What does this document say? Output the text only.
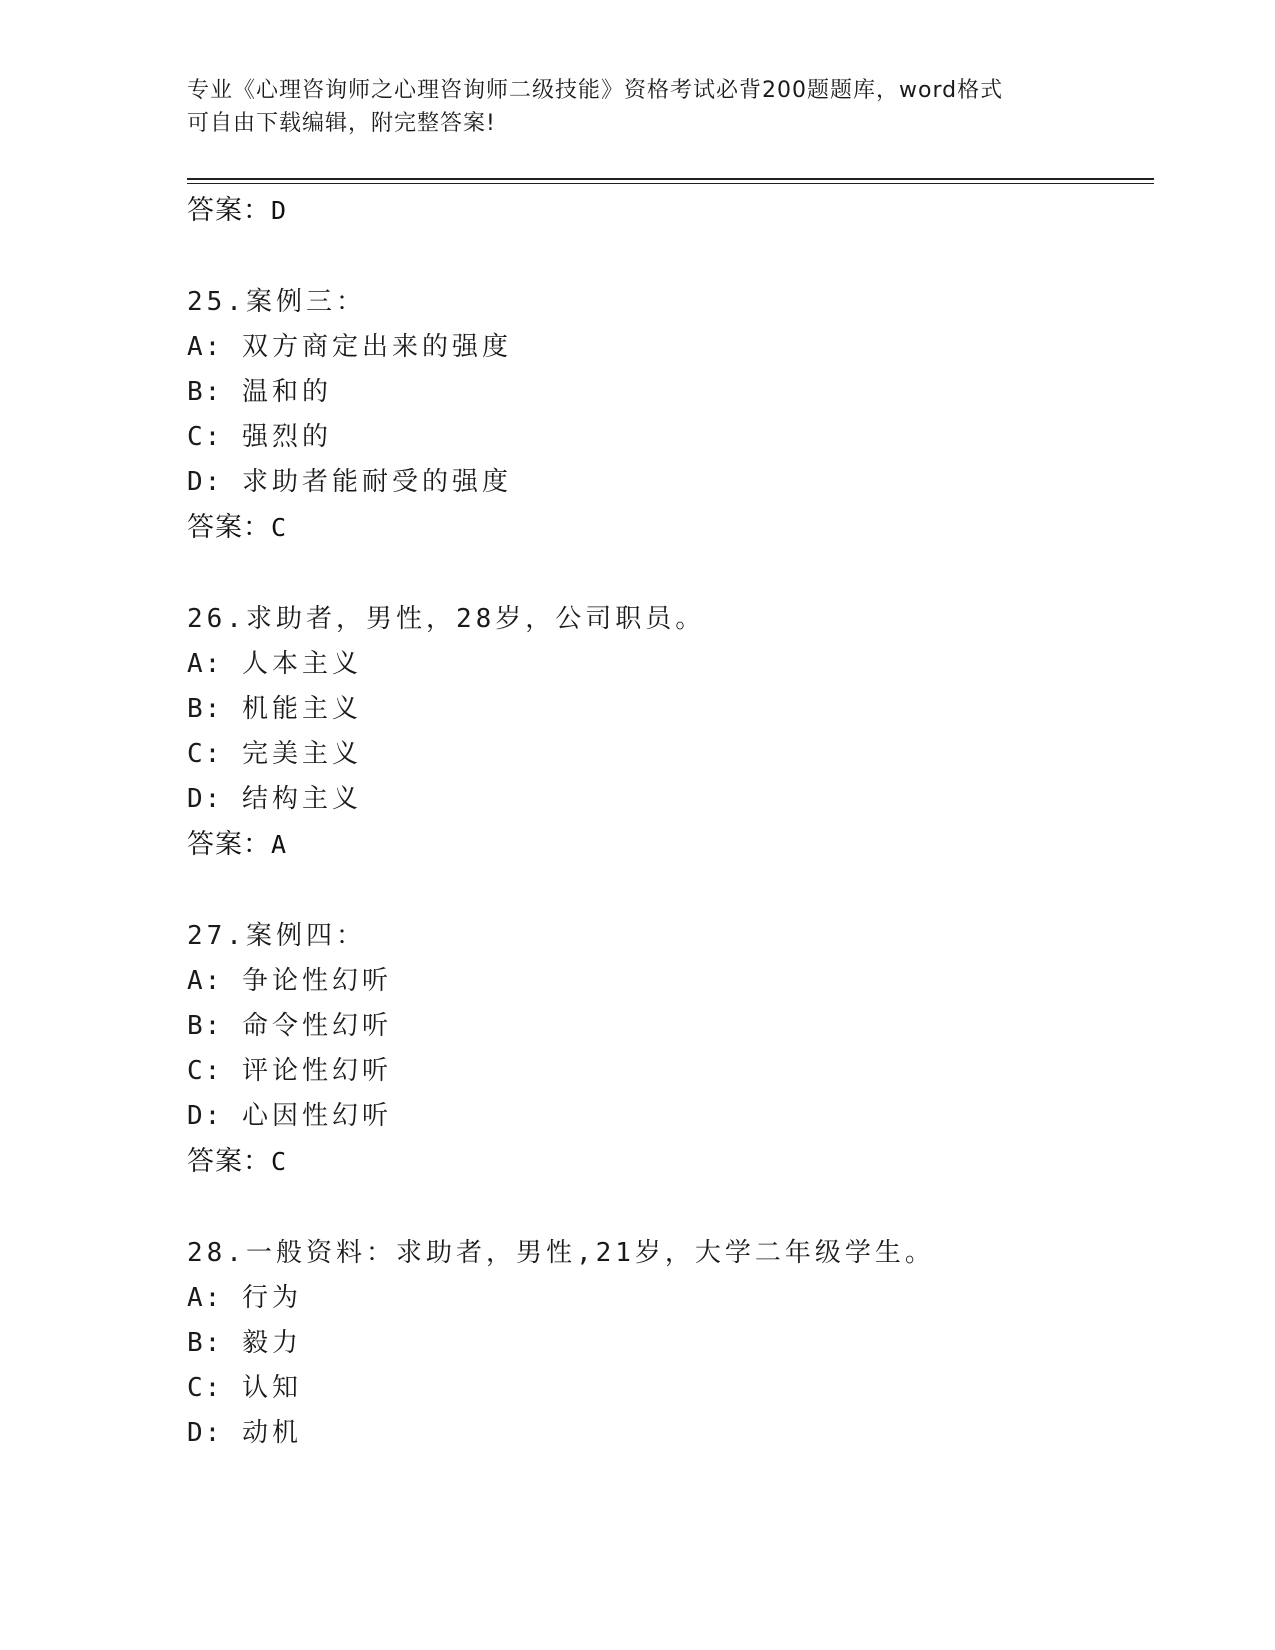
专业《心理咨询师之心理咨询师二级技能》资格考试必背200题题库，word格式
可自由下载编辑，附完整答案!
答案：D
25.案例三：
A: 双方商定出来的强度
B: 温和的
C: 强烈的
D: 求助者能耐受的强度
答案：C
26.求助者，男性，28岁，公司职员。
A: 人本主义
B: 机能主义
C: 完美主义
D: 结构主义
答案：A
27.案例四：
A: 争论性幻听
B: 命令性幻听
C: 评论性幻听
D: 心因性幻听
答案：C
28.一般资料：求助者，男性,21岁，大学二年级学生。
A: 行为
B: 毅力
C: 认知
D: 动机
